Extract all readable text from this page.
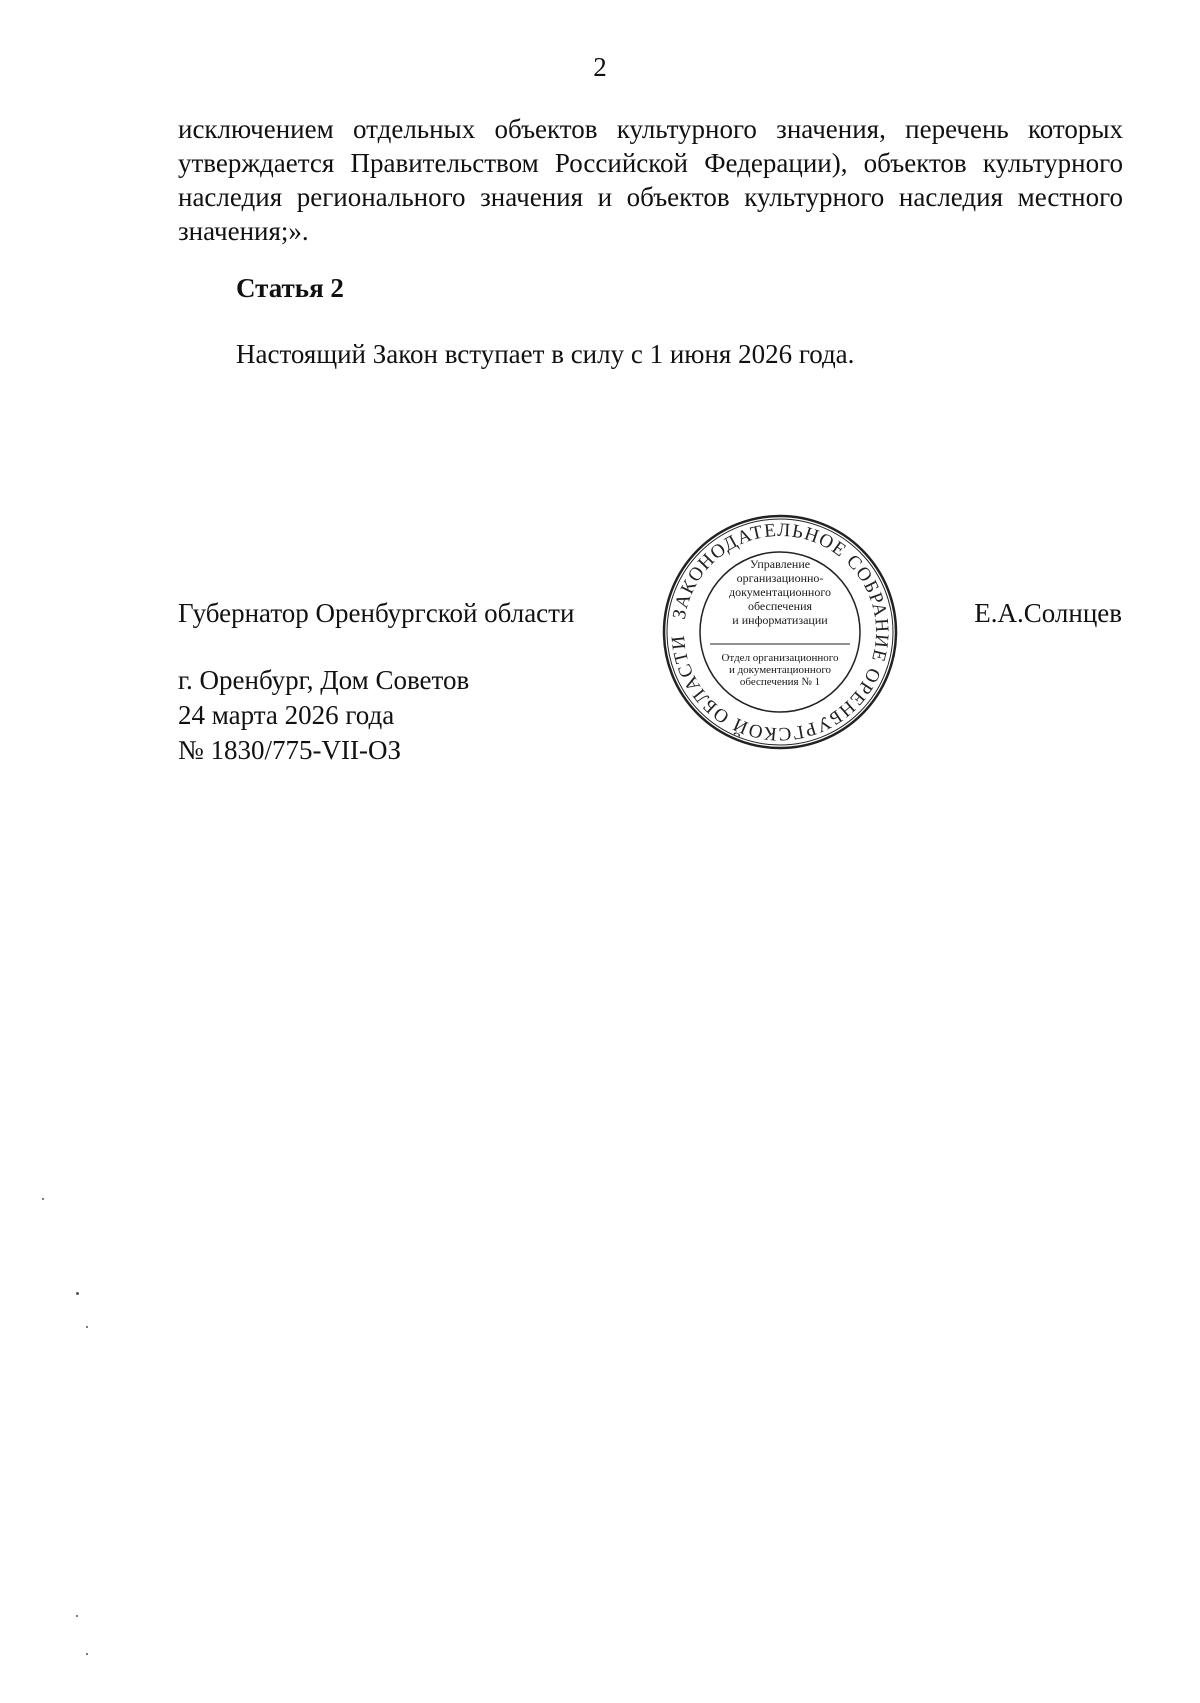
2
исключением отдельных объектов культурного значения, перечень которых
утверждается Правительством Российской Федерации), объектов культурного
наследия регионального значения и объектов культурного наследия местного
значения;».
Статья 2
Настоящий Закон вступает в силу с 1 июня 2026 года.
Губернатор Оренбургской области	ЗАКОНОДАТЕЛЬНОЕ СОБРАНИЕ ОРЕНБУРГСКОЙ ОБЛАСТИ
Управление
организационно-
документационного
обеспечения
и информатизации
Отдел организационного
и документационного
обеспечения № 1
Е.А.Солнцев
г. Оренбург, Дом Советов
24 марта 2026 года
№ 1830/775-VII-ОЗ
